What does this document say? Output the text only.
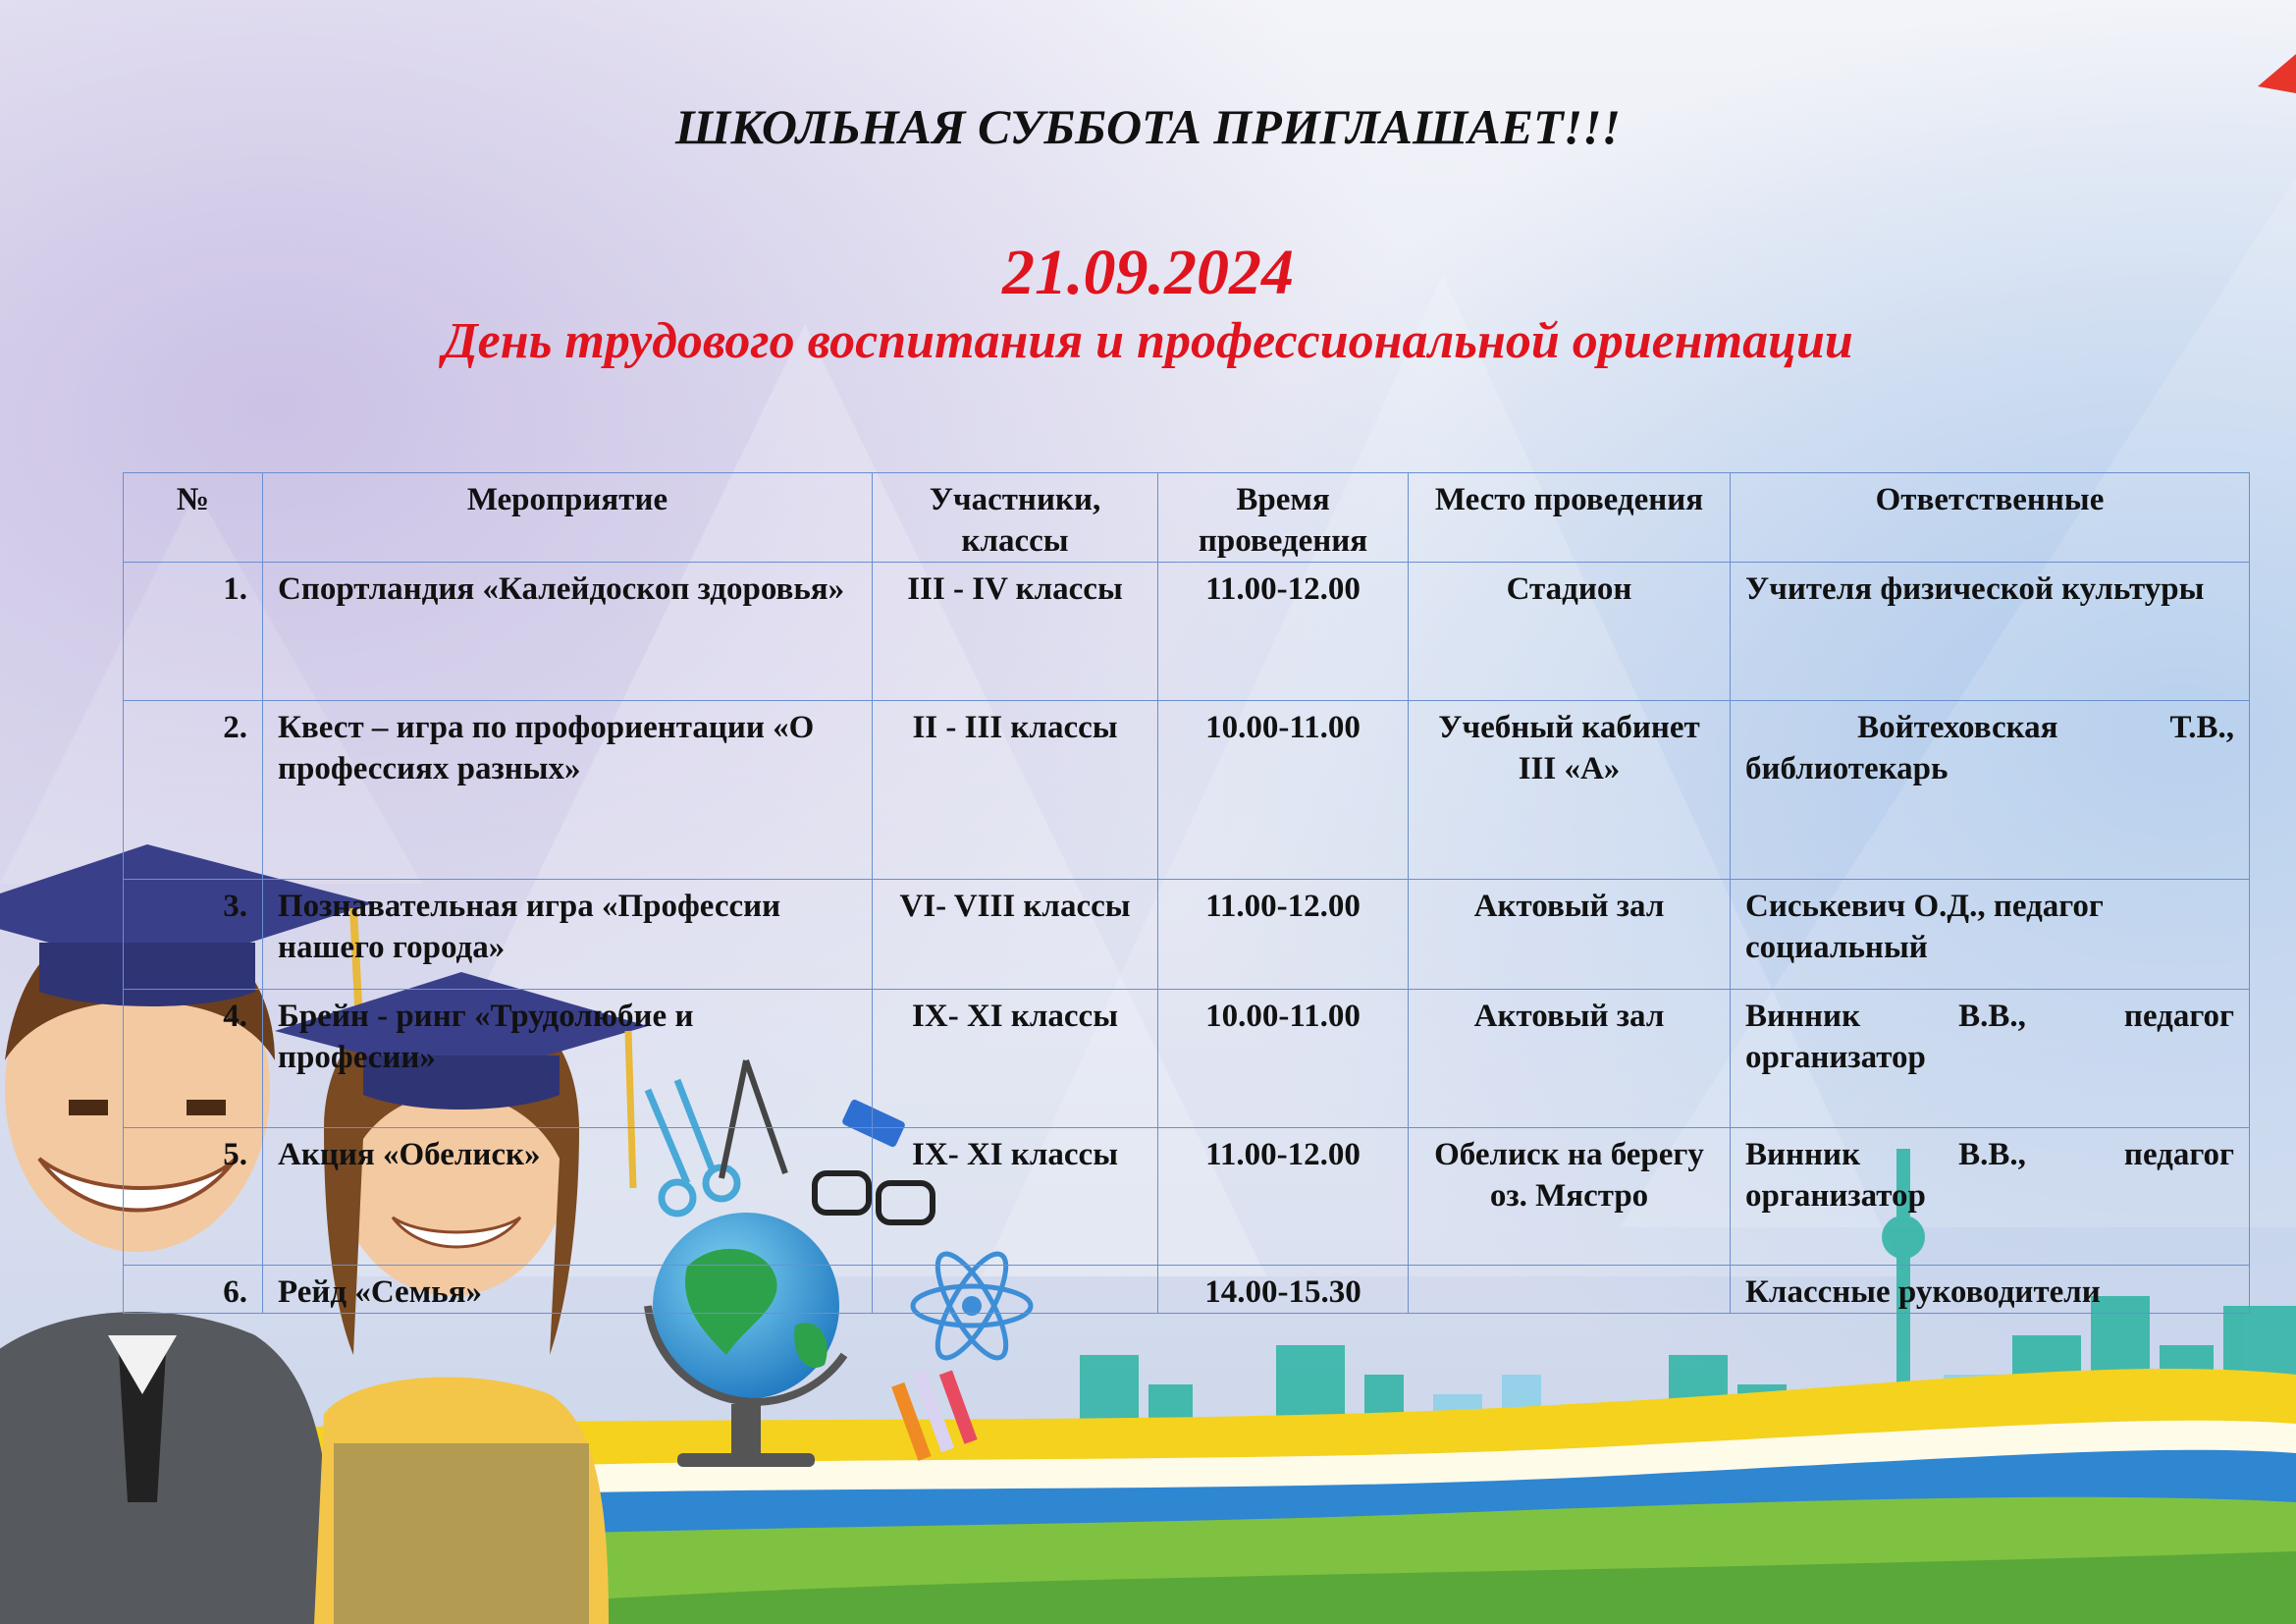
ШКОЛЬНАЯ СУББОТА ПРИГЛАШАЕТ!!!
21.09.2024
День трудового воспитания и профессиональной ориентации
№	Мероприятие	Участники, классы	Время проведения	Место проведения	Ответственные
1.	Спортландия «Калейдоскоп здоровья»	III - IV классы	11.00-12.00	Стадион	Учителя физической культуры
2.	Квест – игра по профориентации «О профессиях разных»	II - III классы	10.00-11.00	Учебный кабинет III «А»	Войтеховская Т.В., библиотекарь
3.	Познавательная игра «Профессии нашего города»	VI- VIII классы	11.00-12.00	Актовый зал	Сиськевич О.Д., педагог социальный
4.	Брейн - ринг «Трудолюбие и професии»	IX- XI классы	10.00-11.00	Актовый зал	Винник В.В., педагог организатор
5.	Акция «Обелиск»	IX- XI классы	11.00-12.00	Обелиск на берегу оз. Мястро	Винник В.В., педагог организатор
6.	Рейд «Семья»		14.00-15.30		Классные руководители
